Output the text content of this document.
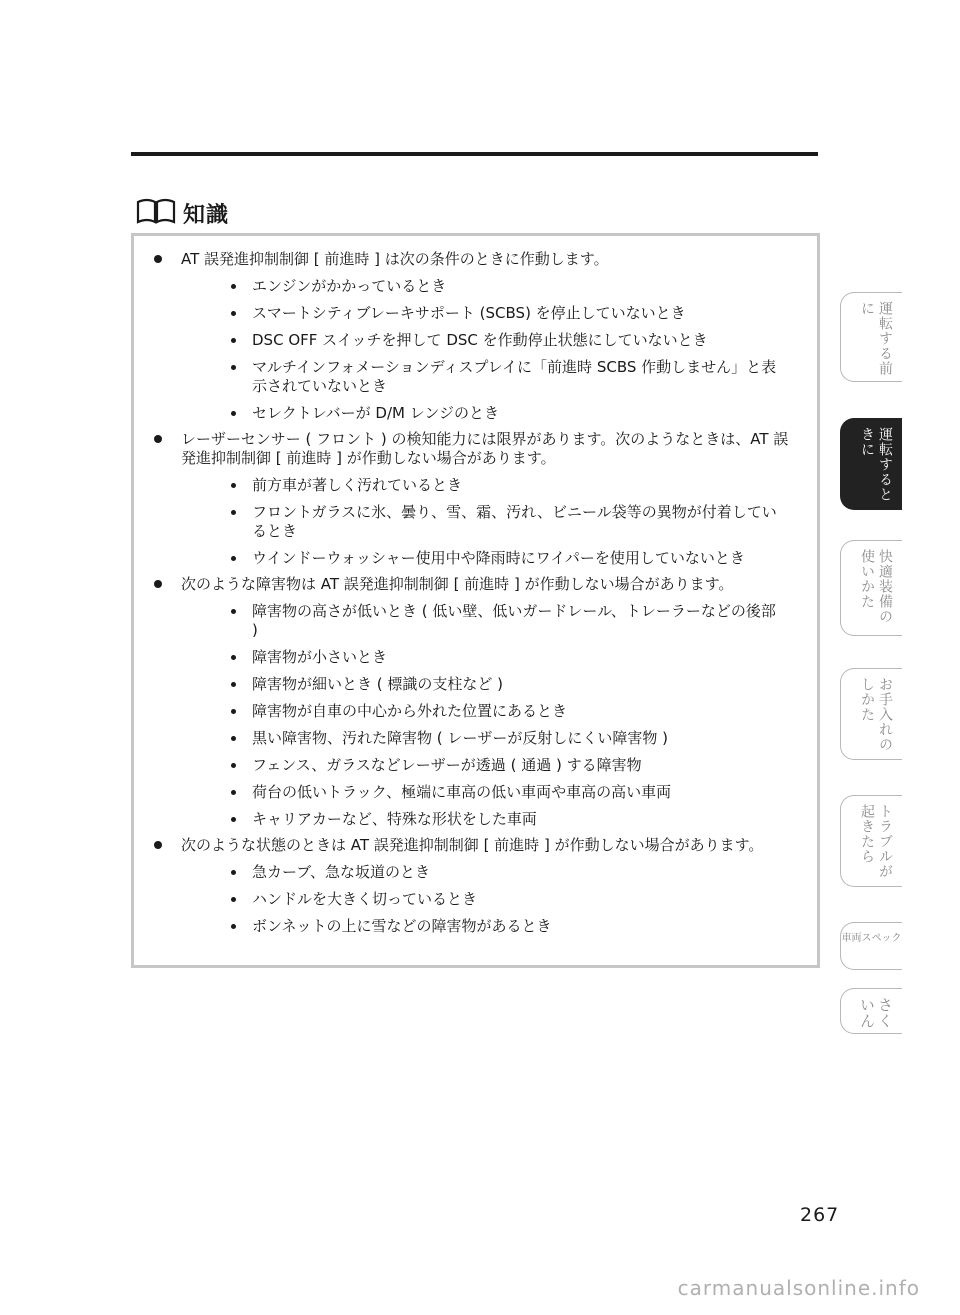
知識
AT 誤発進抑制制御 [ 前進時 ] は次の条件のときに作動します。
エンジンがかかっているとき
スマートシティブレーキサポート (SCBS) を停止していないとき
DSC OFF スイッチを押して DSC を作動停止状態にしていないとき
マルチインフォメーションディスプレイに「前進時 SCBS 作動しません」と表示されていないとき
セレクトレバーが D/M レンジのとき
レーザーセンサー ( フロント ) の検知能力には限界があります。次のようなときは、AT 誤発進抑制制御 [ 前進時 ] が作動しない場合があります。
前方車が著しく汚れているとき
フロントガラスに氷、曇り、雪、霜、汚れ、ビニール袋等の異物が付着しているとき
ウインドーウォッシャー使用中や降雨時にワイパーを使用していないとき
次のような障害物は AT 誤発進抑制制御 [ 前進時 ] が作動しない場合があります。
障害物の高さが低いとき ( 低い壁、低いガードレール、トレーラーなどの後部 )
障害物が小さいとき
障害物が細いとき ( 標識の支柱など )
障害物が自車の中心から外れた位置にあるとき
黒い障害物、汚れた障害物 ( レーザーが反射しにくい障害物 )
フェンス、ガラスなどレーザーが透過 ( 通過 ) する障害物
荷台の低いトラック、極端に車高の低い車両や車高の高い車両
キャリアカーなど、特殊な形状をした車両
次のような状態のときは AT 誤発進抑制制御 [ 前進時 ] が作動しない場合があります。
急カーブ、急な坂道のとき
ハンドルを大きく切っているとき
ボンネットの上に雪などの障害物があるとき
運転する前に
運転するときに
快適装備の使いかた
お手入れのしかた
トラブルが起きたら
車両スペック
さくいん
267
carmanualsonline.info
